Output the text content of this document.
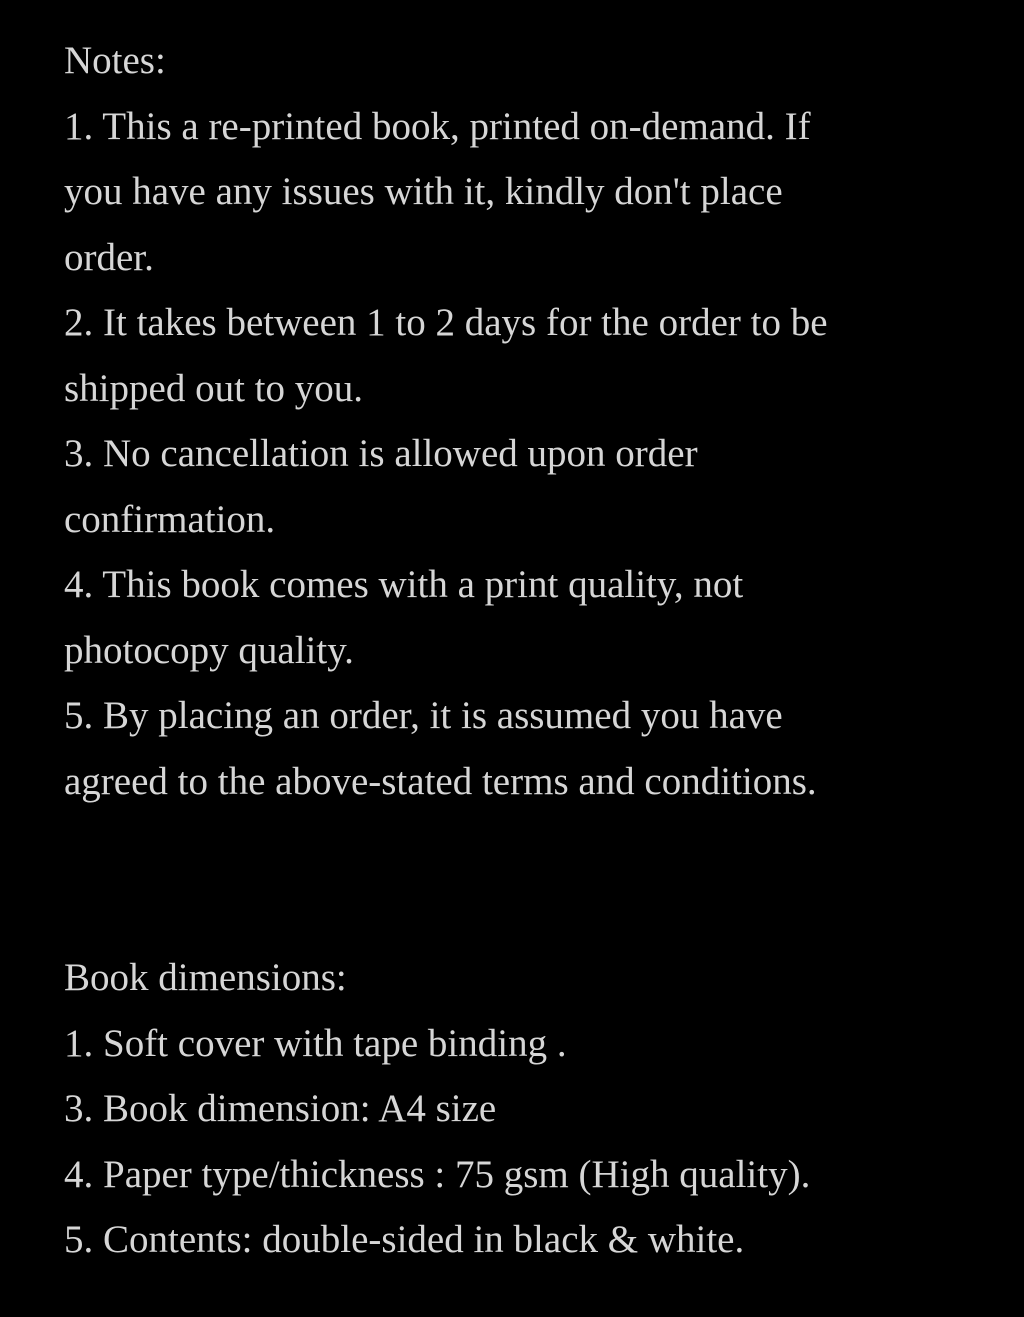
Notes:

1. This a re-printed book, printed on-demand. If

you have any issues with it, kindly don't place

order.

2. It takes between 1 to 2 days for the order to be

shipped out to you.

3. No cancellation is allowed upon order

confirmation.

4. This book comes with a print quality, not

photocopy quality.

5. By placing an order, it is assumed you have

agreed to the above-stated terms and conditions.

Book dimensions:

1. Soft cover with tape binding .

3. Book dimension: A4 size

4. Paper type/thickness : 75 gsm (High quality).

5. Contents: double-sided in black & white.
